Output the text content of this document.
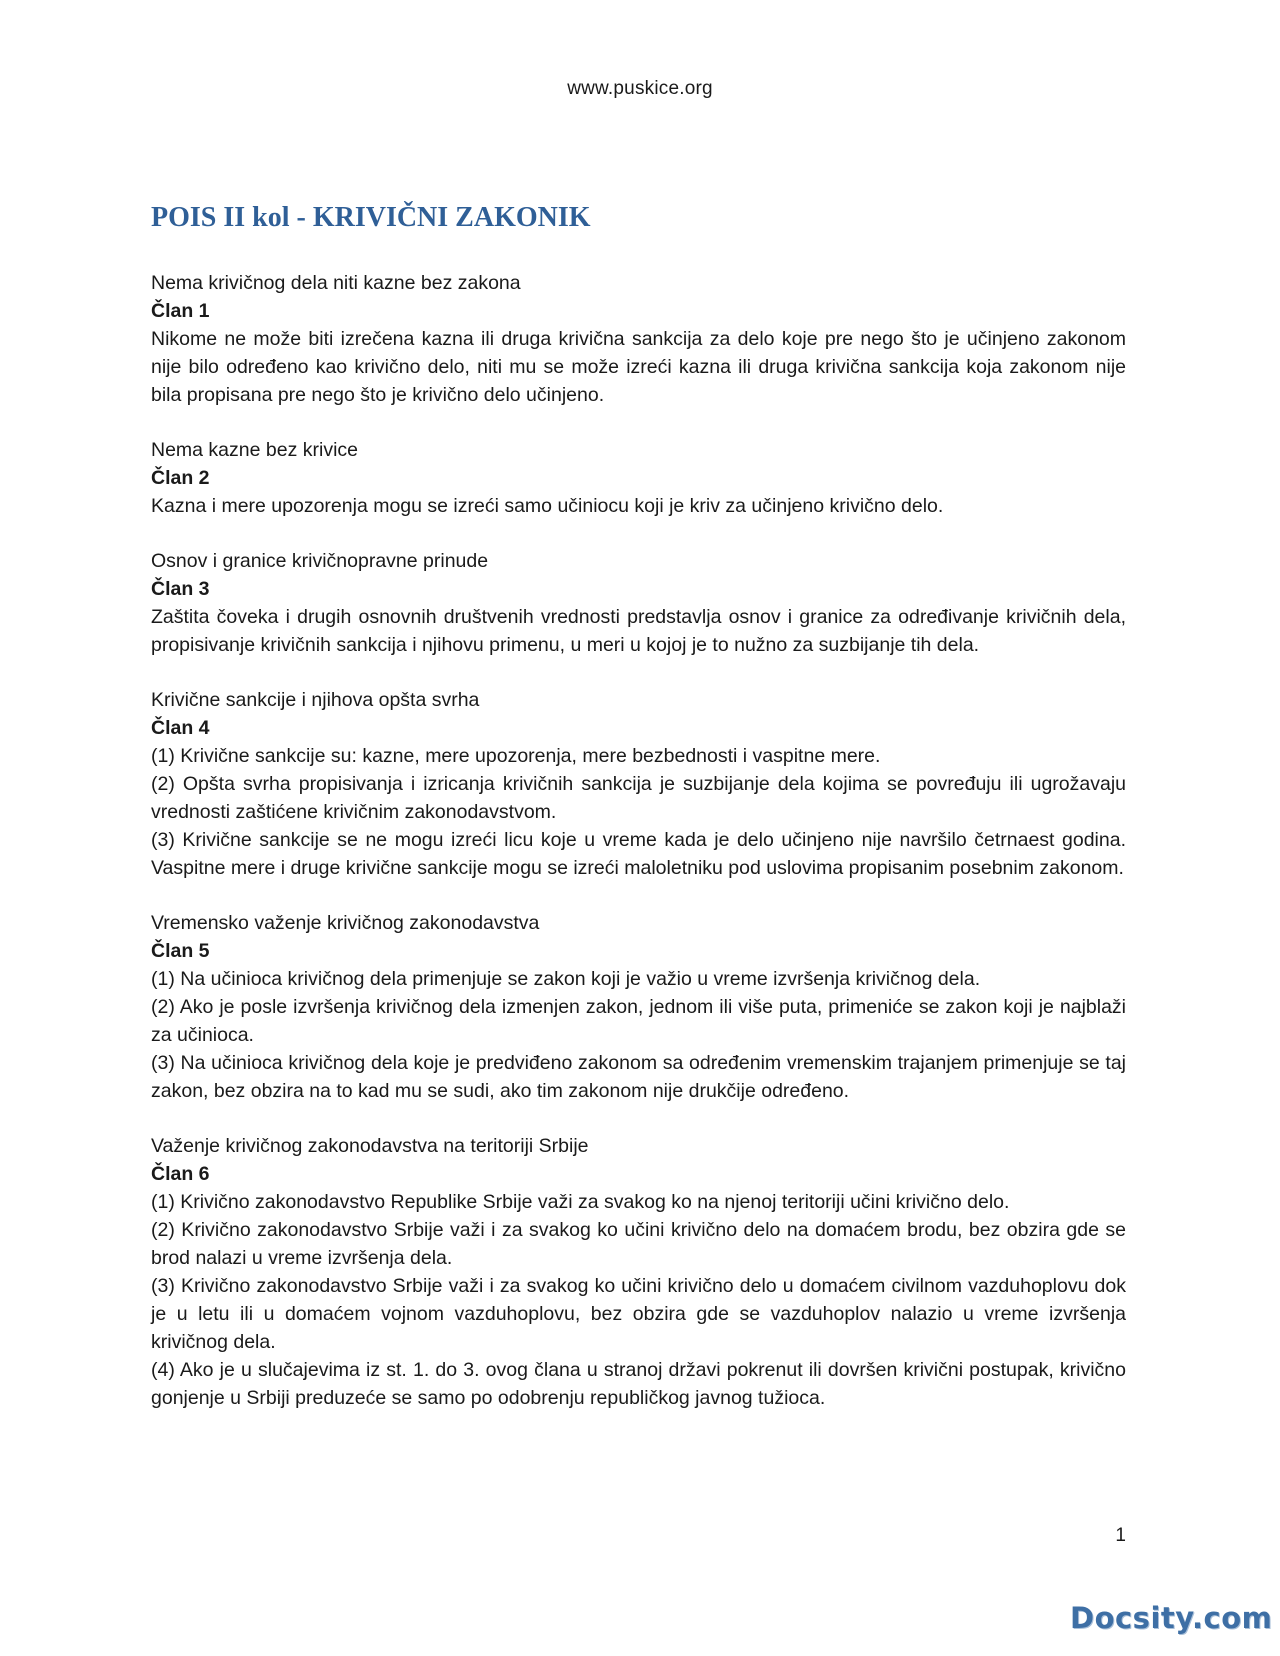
www.puskice.org
POIS II kol - KRIVIČNI ZAKONIK
Nema krivičnog dela niti kazne bez zakona
Član 1

Nikome ne može biti izrečena kazna ili druga krivična sankcija za delo koje pre nego što je učinjeno zakonom nije bilo određeno kao krivično delo, niti mu se može izreći kazna ili druga krivična sankcija koja zakonom nije bila propisana pre nego što je krivično delo učinjeno.

Nema kazne bez krivice
Član 2

Kazna i mere upozorenja mogu se izreći samo učiniocu koji je kriv za učinjeno krivično delo.

Osnov i granice krivičnopravne prinude
Član 3

Zaštita čoveka i drugih osnovnih društvenih vrednosti predstavlja osnov i granice za određivanje krivičnih dela, propisivanje krivičnih sankcija i njihovu primenu, u meri u kojoj je to nužno za suzbijanje tih dela.

Krivične sankcije i njihova opšta svrha
Član 4

(1) Krivične sankcije su: kazne, mere upozorenja, mere bezbednosti i vaspitne mere.

(2) Opšta svrha propisivanja i izricanja krivičnih sankcija je suzbijanje dela kojima se povređuju ili ugrožavaju vrednosti zaštićene krivičnim zakonodavstvom.

(3) Krivične sankcije se ne mogu izreći licu koje u vreme kada je delo učinjeno nije navršilo četrnaest godina. Vaspitne mere i druge krivične sankcije mogu se izreći maloletniku pod uslovima propisanim posebnim zakonom.

Vremensko važenje krivičnog zakonodavstva
Član 5

(1) Na učinioca krivičnog dela primenjuje se zakon koji je važio u vreme izvršenja krivičnog dela.

(2) Ako je posle izvršenja krivičnog dela izmenjen zakon, jednom ili više puta, primeniće se zakon koji je najblaži za učinioca.

(3) Na učinioca krivičnog dela koje je predviđeno zakonom sa određenim vremenskim trajanjem primenjuje se taj zakon, bez obzira na to kad mu se sudi, ako tim zakonom nije drukčije određeno.

Važenje krivičnog zakonodavstva na teritoriji Srbije
Član 6

(1) Krivično zakonodavstvo Republike Srbije važi za svakog ko na njenoj teritoriji učini krivično delo.

(2) Krivično zakonodavstvo Srbije važi i za svakog ko učini krivično delo na domaćem brodu, bez obzira gde se brod nalazi u vreme izvršenja dela.

(3) Krivično zakonodavstvo Srbije važi i za svakog ko učini krivično delo u domaćem civilnom vazduhoplovu dok je u letu ili u domaćem vojnom vazduhoplovu, bez obzira gde se vazduhoplov nalazio u vreme izvršenja krivičnog dela.

(4) Ako je u slučajevima iz st. 1. do 3. ovog člana u stranoj državi pokrenut ili dovršen krivični postupak, krivično gonjenje u Srbiji preduzeće se samo po odobrenju republičkog javnog tužioca.

1
Docsity.com
